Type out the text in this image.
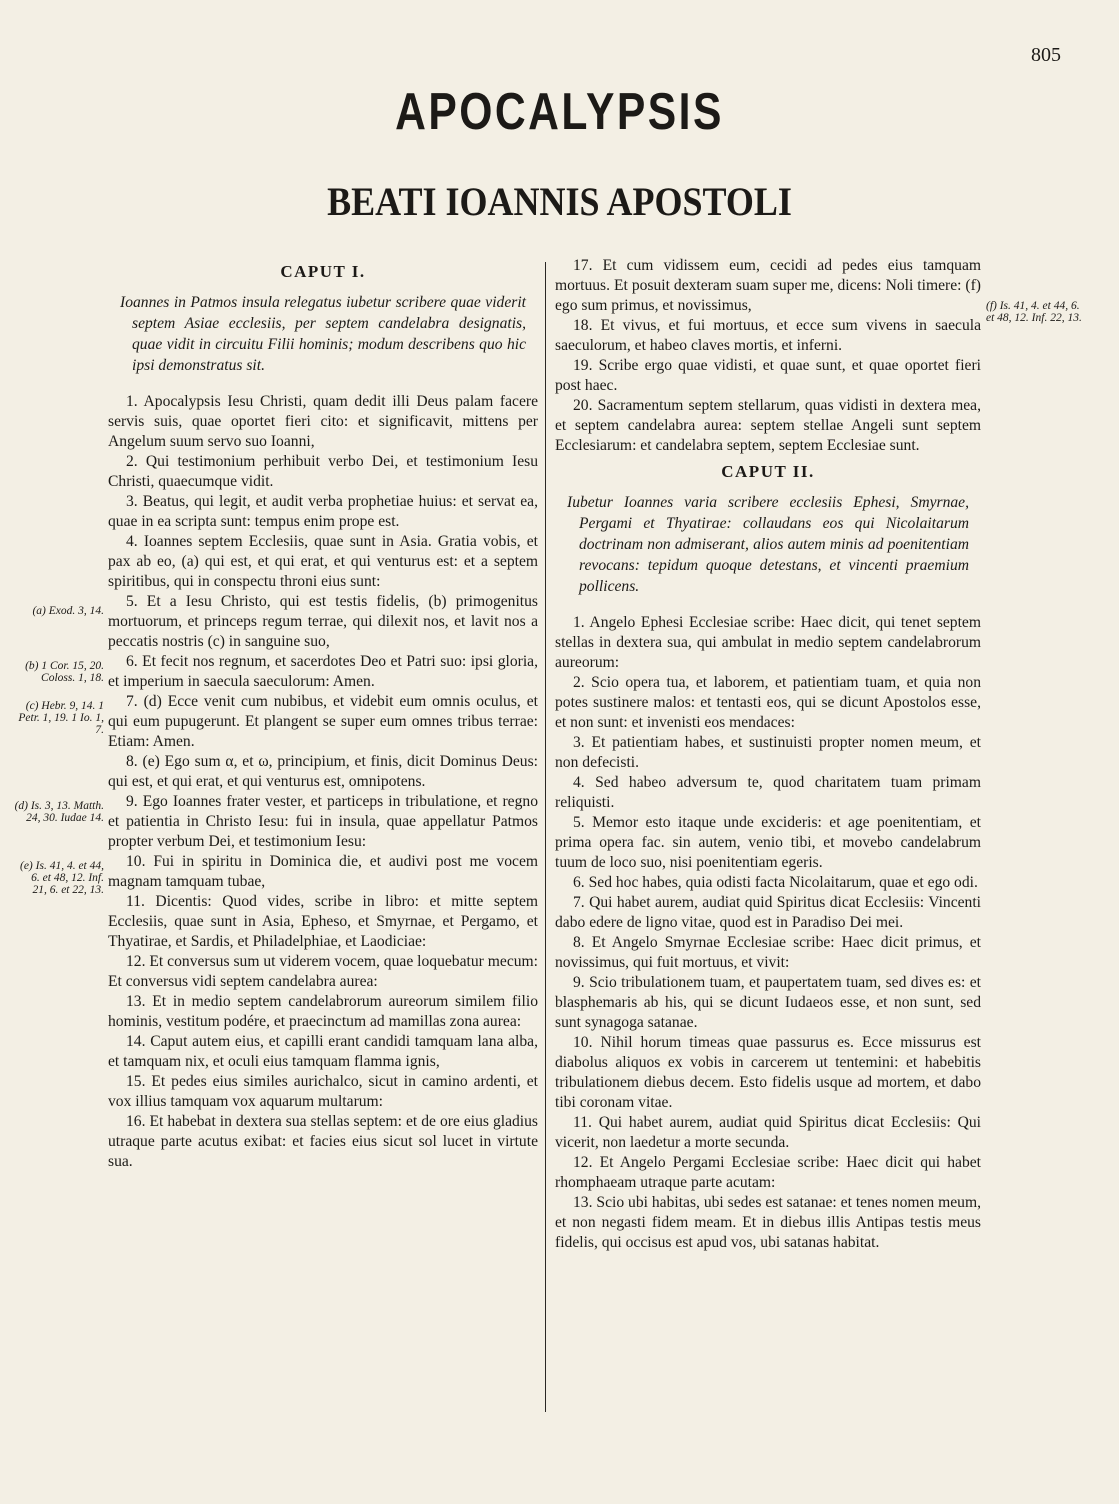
805
APOCALYPSIS
BEATI IOANNIS APOSTOLI
(a) Exod. 3, 14.
(b) 1 Cor. 15, 20. Coloss. 1, 18.
(c) Hebr. 9, 14. 1 Petr. 1, 19. 1 Io. 1, 7.
(d) Is. 3, 13. Matth. 24, 30. Iudae 14.
(e) Is. 41, 4. et 44, 6. et 48, 12. Inf. 21, 6. et 22, 13.
(f) Is. 41, 4. et 44, 6. et 48, 12. Inf. 22, 13.
CAPUT I.

Ioannes in Patmos insula relegatus iubetur scribere quae viderit septem Asiae ecclesiis, per septem candelabra designatis, quae vidit in circuitu Filii hominis; modum describens quo hic ipsi demonstratus sit.

1. Apocalypsis Iesu Christi, quam dedit illi Deus palam facere servis suis, quae oportet fieri cito: et significavit, mittens per Angelum suum servo suo Ioanni,

2. Qui testimonium perhibuit verbo Dei, et testimonium Iesu Christi, quaecumque vidit.

3. Beatus, qui legit, et audit verba prophetiae huius: et servat ea, quae in ea scripta sunt: tempus enim prope est.

4. Ioannes septem Ecclesiis, quae sunt in Asia. Gratia vobis, et pax ab eo, (a) qui est, et qui erat, et qui venturus est: et a septem spiritibus, qui in conspectu throni eius sunt:

5. Et a Iesu Christo, qui est testis fidelis, (b) primogenitus mortuorum, et princeps regum terrae, qui dilexit nos, et lavit nos a peccatis nostris (c) in sanguine suo,

6. Et fecit nos regnum, et sacerdotes Deo et Patri suo: ipsi gloria, et imperium in saecula saeculorum: Amen.

7. (d) Ecce venit cum nubibus, et videbit eum omnis oculus, et qui eum pupugerunt. Et plangent se super eum omnes tribus terrae: Etiam: Amen.

8. (e) Ego sum α, et ω, principium, et finis, dicit Dominus Deus: qui est, et qui erat, et qui venturus est, omnipotens.

9. Ego Ioannes frater vester, et particeps in tribulatione, et regno et patientia in Christo Iesu: fui in insula, quae appellatur Patmos propter verbum Dei, et testimonium Iesu:

10. Fui in spiritu in Dominica die, et audivi post me vocem magnam tamquam tubae,

11. Dicentis: Quod vides, scribe in libro: et mitte septem Ecclesiis, quae sunt in Asia, Epheso, et Smyrnae, et Pergamo, et Thyatirae, et Sardis, et Philadelphiae, et Laodiciae:

12. Et conversus sum ut viderem vocem, quae loquebatur mecum: Et conversus vidi septem candelabra aurea:

13. Et in medio septem candelabrorum aureorum similem filio hominis, vestitum podére, et praecinctum ad mamillas zona aurea:

14. Caput autem eius, et capilli erant candidi tamquam lana alba, et tamquam nix, et oculi eius tamquam flamma ignis,

15. Et pedes eius similes aurichalco, sicut in camino ardenti, et vox illius tamquam vox aquarum multarum:

16. Et habebat in dextera sua stellas septem: et de ore eius gladius utraque parte acutus exibat: et facies eius sicut sol lucet in virtute sua.

17. Et cum vidissem eum, cecidi ad pedes eius tamquam mortuus. Et posuit dexteram suam super me, dicens: Noli timere: (f) ego sum primus, et novissimus,

18. Et vivus, et fui mortuus, et ecce sum vivens in saecula saeculorum, et habeo claves mortis, et inferni.

19. Scribe ergo quae vidisti, et quae sunt, et quae oportet fieri post haec.

20. Sacramentum septem stellarum, quas vidisti in dextera mea, et septem candelabra aurea: septem stellae Angeli sunt septem Ecclesiarum: et candelabra septem, septem Ecclesiae sunt.

CAPUT II.

Iubetur Ioannes varia scribere ecclesiis Ephesi, Smyrnae, Pergami et Thyatirae: collaudans eos qui Nicolaitarum doctrinam non admiserant, alios autem minis ad poenitentiam revocans: tepidum quoque detestans, et vincenti praemium pollicens.

1. Angelo Ephesi Ecclesiae scribe: Haec dicit, qui tenet septem stellas in dextera sua, qui ambulat in medio septem candelabrorum aureorum:

2. Scio opera tua, et laborem, et patientiam tuam, et quia non potes sustinere malos: et tentasti eos, qui se dicunt Apostolos esse, et non sunt: et invenisti eos mendaces:

3. Et patientiam habes, et sustinuisti propter nomen meum, et non defecisti.

4. Sed habeo adversum te, quod charitatem tuam primam reliquisti.

5. Memor esto itaque unde excideris: et age poenitentiam, et prima opera fac. sin autem, venio tibi, et movebo candelabrum tuum de loco suo, nisi poenitentiam egeris.

6. Sed hoc habes, quia odisti facta Nicolaitarum, quae et ego odi.

7. Qui habet aurem, audiat quid Spiritus dicat Ecclesiis: Vincenti dabo edere de ligno vitae, quod est in Paradiso Dei mei.

8. Et Angelo Smyrnae Ecclesiae scribe: Haec dicit primus, et novissimus, qui fuit mortuus, et vivit:

9. Scio tribulationem tuam, et paupertatem tuam, sed dives es: et blasphemaris ab his, qui se dicunt Iudaeos esse, et non sunt, sed sunt synagoga satanae.

10. Nihil horum timeas quae passurus es. Ecce missurus est diabolus aliquos ex vobis in carcerem ut tentemini: et habebitis tribulationem diebus decem. Esto fidelis usque ad mortem, et dabo tibi coronam vitae.

11. Qui habet aurem, audiat quid Spiritus dicat Ecclesiis: Qui vicerit, non laedetur a morte secunda.

12. Et Angelo Pergami Ecclesiae scribe: Haec dicit qui habet rhomphaeam utraque parte acutam:

13. Scio ubi habitas, ubi sedes est satanae: et tenes nomen meum, et non negasti fidem meam. Et in diebus illis Antipas testis meus fidelis, qui occisus est apud vos, ubi satanas habitat.
